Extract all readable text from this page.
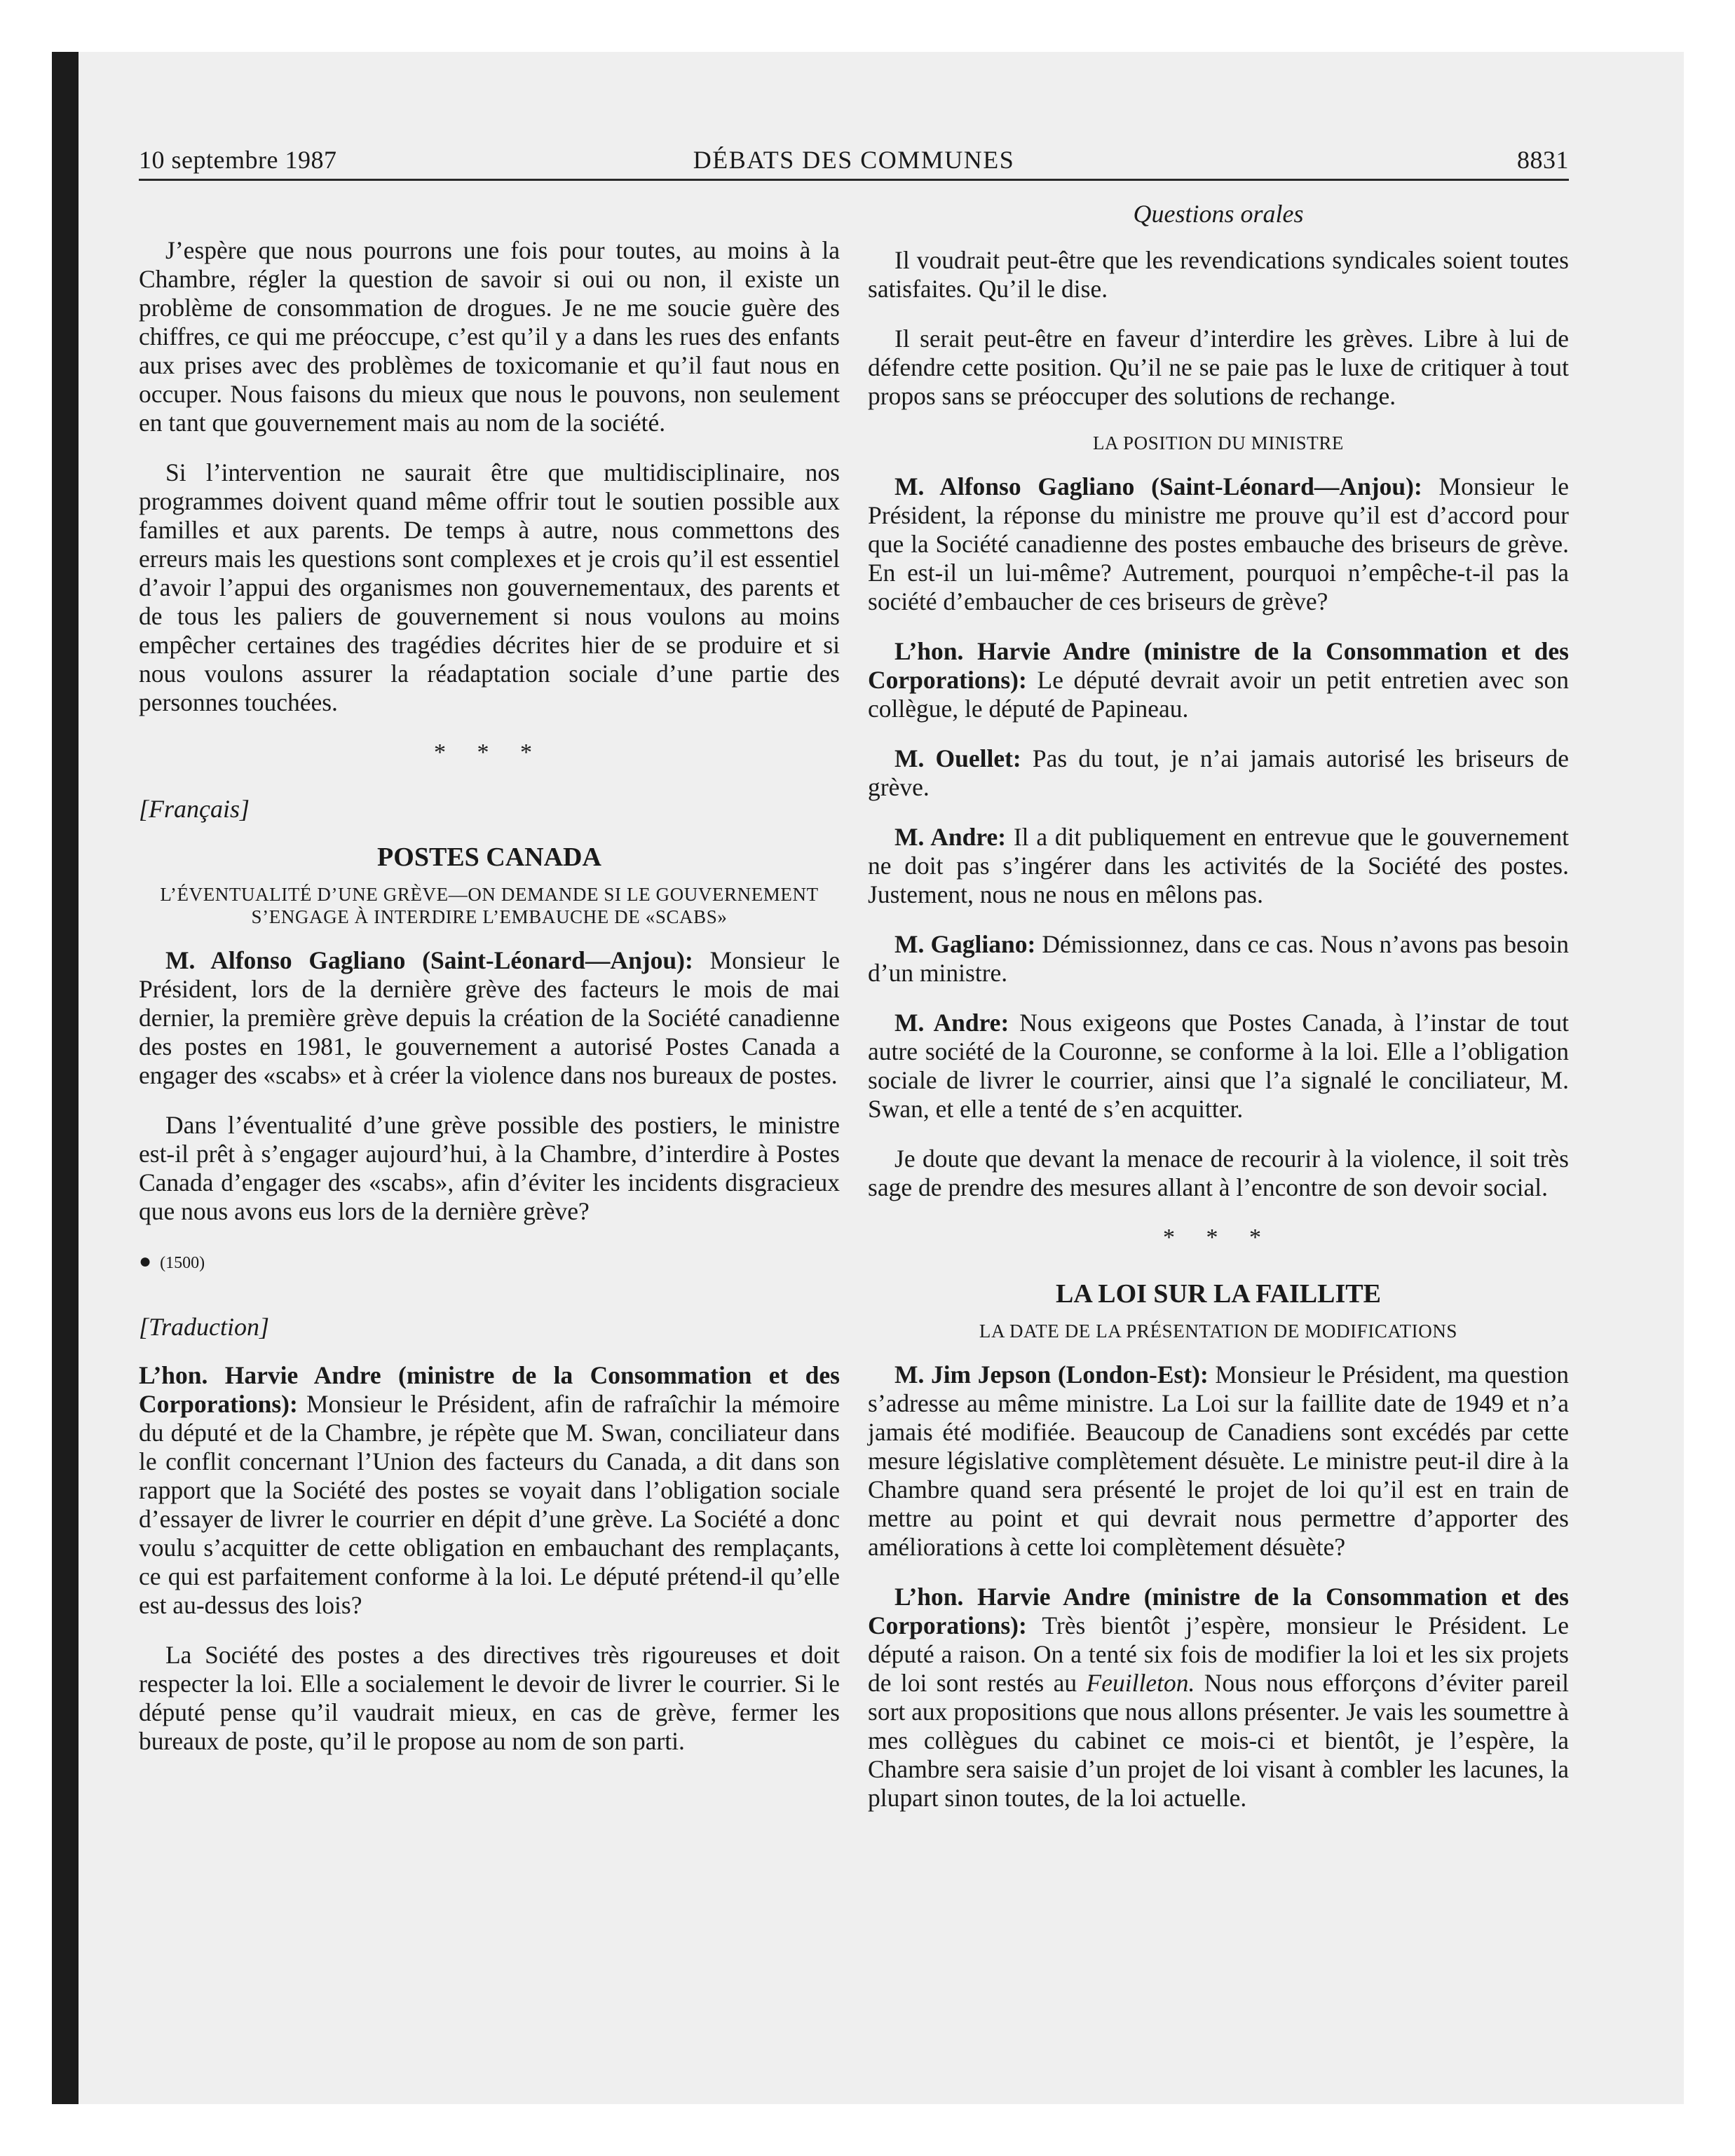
10 septembre 1987	DÉBATS DES COMMUNES	8831

J’espère que nous pourrons une fois pour toutes, au moins à la Chambre, régler la question de savoir si oui ou non, il existe un problème de consommation de drogues. Je ne me soucie guère des chiffres, ce qui me préoccupe, c’est qu’il y a dans les rues des enfants aux prises avec des problèmes de toxicomanie et qu’il faut nous en occuper. Nous faisons du mieux que nous le pouvons, non seulement en tant que gouvernement mais au nom de la société.

Si l’intervention ne saurait être que multidisciplinaire, nos programmes doivent quand même offrir tout le soutien possible aux familles et aux parents. De temps à autre, nous commettons des erreurs mais les questions sont complexes et je crois qu’il est essentiel d’avoir l’appui des organismes non gouvernementaux, des parents et de tous les paliers de gouvernement si nous voulons au moins empêcher certaines des tragédies décrites hier de se produire et si nous voulons assurer la réadaptation sociale d’une partie des personnes touchées.

* * *
[Français]
POSTES CANADA
L’ÉVENTUALITÉ D’UNE GRÈVE—ON DEMANDE SI LE GOUVERNEMENT S’ENGAGE À INTERDIRE L’EMBAUCHE DE «SCABS»

M. Alfonso Gagliano (Saint-Léonard—Anjou): Monsieur le Président, lors de la dernière grève des facteurs le mois de mai dernier, la première grève depuis la création de la Société canadienne des postes en 1981, le gouvernement a autorisé Postes Canada a engager des «scabs» et à créer la violence dans nos bureaux de postes.

Dans l’éventualité d’une grève possible des postiers, le ministre est-il prêt à s’engager aujourd’hui, à la Chambre, d’interdire à Postes Canada d’engager des «scabs», afin d’éviter les incidents disgracieux que nous avons eus lors de la dernière grève?

● (1500)
[Traduction]

L’hon. Harvie Andre (ministre de la Consommation et des Corporations): Monsieur le Président, afin de rafraîchir la mémoire du député et de la Chambre, je répète que M. Swan, conciliateur dans le conflit concernant l’Union des facteurs du Canada, a dit dans son rapport que la Société des postes se voyait dans l’obligation sociale d’essayer de livrer le courrier en dépit d’une grève. La Société a donc voulu s’acquitter de cette obligation en embauchant des remplaçants, ce qui est parfaitement conforme à la loi. Le député prétend-il qu’elle est au-dessus des lois?

La Société des postes a des directives très rigoureuses et doit respecter la loi. Elle a socialement le devoir de livrer le courrier. Si le député pense qu’il vaudrait mieux, en cas de grève, fermer les bureaux de poste, qu’il le propose au nom de son parti.

Questions orales

Il voudrait peut-être que les revendications syndicales soient toutes satisfaites. Qu’il le dise.

Il serait peut-être en faveur d’interdire les grèves. Libre à lui de défendre cette position. Qu’il ne se paie pas le luxe de critiquer à tout propos sans se préoccuper des solutions de rechange.

LA POSITION DU MINISTRE

M. Alfonso Gagliano (Saint-Léonard—Anjou): Monsieur le Président, la réponse du ministre me prouve qu’il est d’accord pour que la Société canadienne des postes embauche des briseurs de grève. En est-il un lui-même? Autrement, pourquoi n’empêche-t-il pas la société d’embaucher de ces briseurs de grève?

L’hon. Harvie Andre (ministre de la Consommation et des Corporations): Le député devrait avoir un petit entretien avec son collègue, le député de Papineau.

M. Ouellet: Pas du tout, je n’ai jamais autorisé les briseurs de grève.

M. Andre: Il a dit publiquement en entrevue que le gouvernement ne doit pas s’ingérer dans les activités de la Société des postes. Justement, nous ne nous en mêlons pas.

M. Gagliano: Démissionnez, dans ce cas. Nous n’avons pas besoin d’un ministre.

M. Andre: Nous exigeons que Postes Canada, à l’instar de tout autre société de la Couronne, se conforme à la loi. Elle a l’obligation sociale de livrer le courrier, ainsi que l’a signalé le conciliateur, M. Swan, et elle a tenté de s’en acquitter.

Je doute que devant la menace de recourir à la violence, il soit très sage de prendre des mesures allant à l’encontre de son devoir social.

* * *
LA LOI SUR LA FAILLITE
LA DATE DE LA PRÉSENTATION DE MODIFICATIONS

M. Jim Jepson (London-Est): Monsieur le Président, ma question s’adresse au même ministre. La Loi sur la faillite date de 1949 et n’a jamais été modifiée. Beaucoup de Canadiens sont excédés par cette mesure législative complètement désuète. Le ministre peut-il dire à la Chambre quand sera présenté le projet de loi qu’il est en train de mettre au point et qui devrait nous permettre d’apporter des améliorations à cette loi complètement désuète?

L’hon. Harvie Andre (ministre de la Consommation et des Corporations): Très bientôt j’espère, monsieur le Président. Le député a raison. On a tenté six fois de modifier la loi et les six projets de loi sont restés au Feuilleton. Nous nous efforçons d’éviter pareil sort aux propositions que nous allons présenter. Je vais les soumettre à mes collègues du cabinet ce mois-ci et bientôt, je l’espère, la Chambre sera saisie d’un projet de loi visant à combler les lacunes, la plupart sinon toutes, de la loi actuelle.
